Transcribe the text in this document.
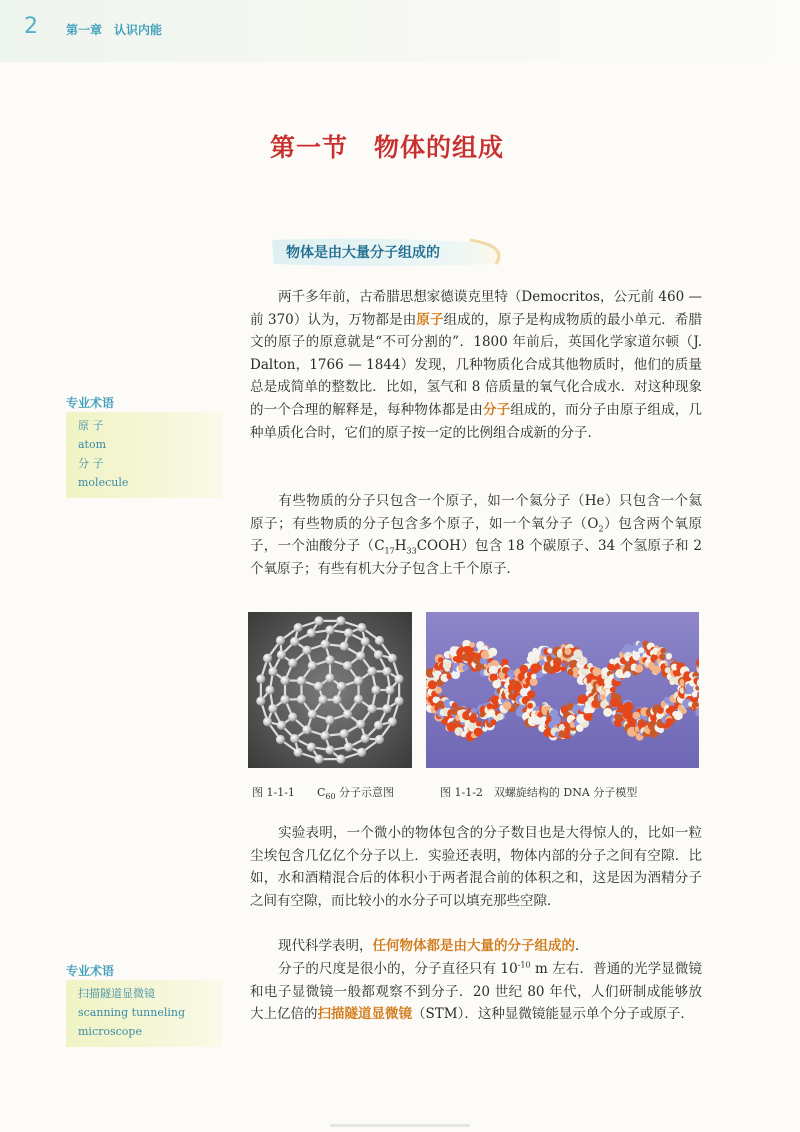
2 第一章　认识内能
第一节　物体的组成
物体是由大量分子组成的

两千多年前，古希腊思想家德谟克里特（Democritos，公元前 460 — 前 370）认为，万物都是由原子组成的，原子是构成物质的最小单元．希腊文的原子的原意就是“不可分割的”．1800 年前后，英国化学家道尔顿（J. Dalton，1766 — 1844）发现，几种物质化合成其他物质时，他们的质量总是成简单的整数比．比如，氢气和 8 倍质量的氧气化合成水．对这种现象的一个合理的解释是，每种物体都是由分子组成的，而分子由原子组成，几种单质化合时，它们的原子按一定的比例组合成新的分子．

有些物质的分子只包含一个原子，如一个氦分子（He）只包含一个氦原子；有些物质的分子包含多个原子，如一个氧分子$(O_2)$包含两个氧原子，一个油酸分子$(C_{17}H_{33}COOH)$包含 18 个碳原子、34 个氢原子和 2 个氧原子；有些有机大分子包含上千个原子．

专业术语
原 子
atom
分 子
molecule
图 1-1-1　　 $C_{60}$ 分子示意图	图 1-1-2　 双螺旋结构的 DNA 分子模型

实验表明，一个微小的物体包含的分子数目也是大得惊人的，比如一粒尘埃包含几亿亿个分子以上．实验还表明，物体内部的分子之间有空隙．比如，水和酒精混合后的体积小于两者混合前的体积之和，这是因为酒精分子之间有空隙，而比较小的水分子可以填充那些空隙．

现代科学表明，任何物体都是由大量的分子组成的．

分子的尺度是很小的，分子直径只有 $10^{-10}$ m 左右．普通的光学显微镜和电子显微镜一般都观察不到分子．20 世纪 80 年代，人们研制成能够放大上亿倍的扫描隧道显微镜（STM）．这种显微镜能显示单个分子或原子．

专业术语
扫描隧道显微镜
scanning tunneling
microscope
